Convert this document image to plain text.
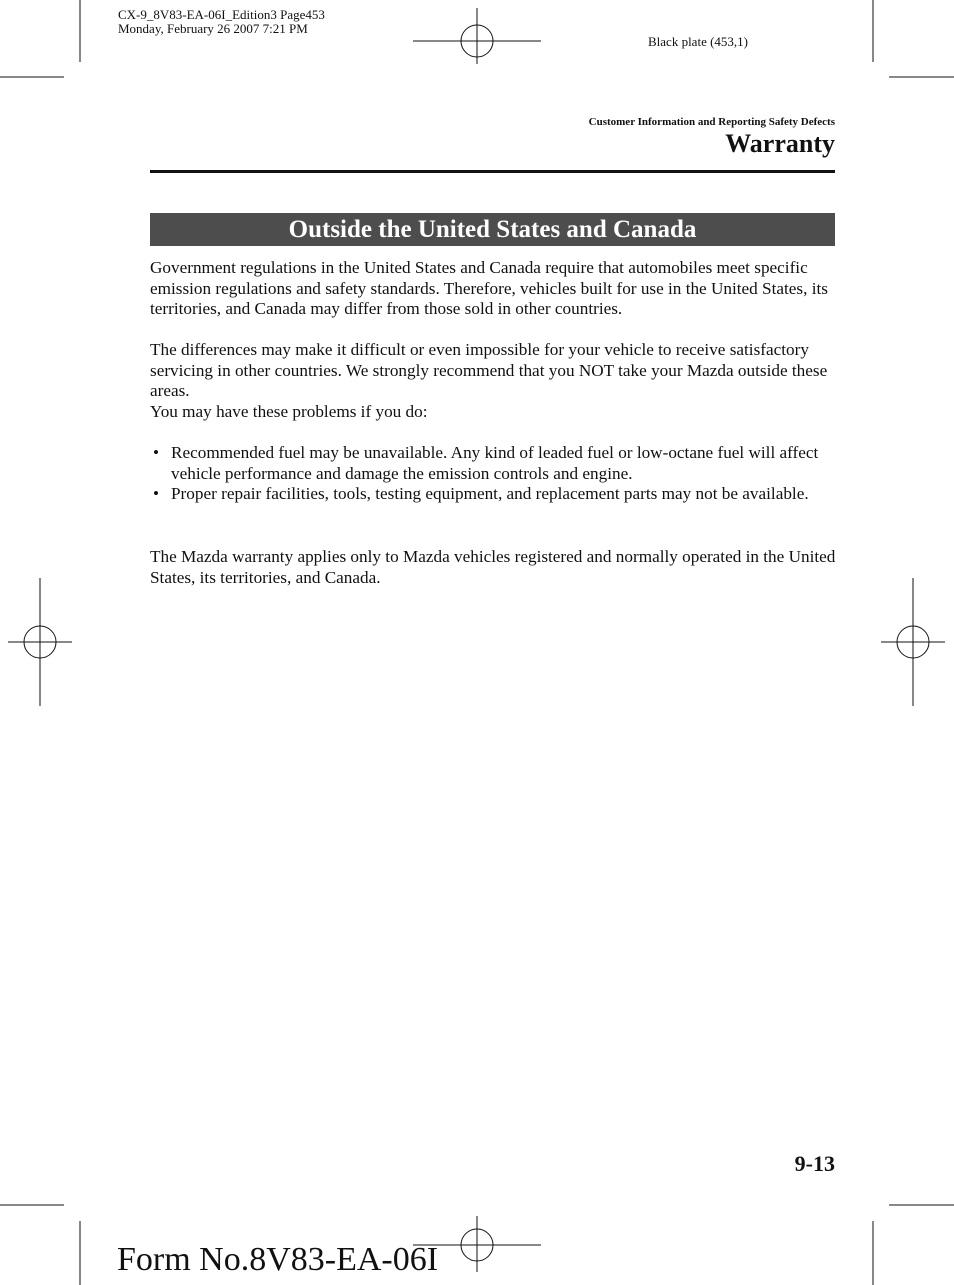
CX-9_8V83-EA-06I_Edition3 Page453
Monday, February 26 2007 7:21 PM
Black plate (453,1)
Customer Information and Reporting Safety Defects
Warranty
Outside the United States and Canada

Government regulations in the United States and Canada require that automobiles meet specific emission regulations and safety standards. Therefore, vehicles built for use in the United States, its territories, and Canada may differ from those sold in other countries.

The differences may make it difficult or even impossible for your vehicle to receive satisfactory servicing in other countries. We strongly recommend that you NOT take your Mazda outside these areas.

You may have these problems if you do:

• Recommended fuel may be unavailable. Any kind of leaded fuel or low-octane fuel will affect vehicle performance and damage the emission controls and engine.
• Proper repair facilities, tools, testing equipment, and replacement parts may not be available.

The Mazda warranty applies only to Mazda vehicles registered and normally operated in the United States, its territories, and Canada.

9-13
Form No.8V83-EA-06I
